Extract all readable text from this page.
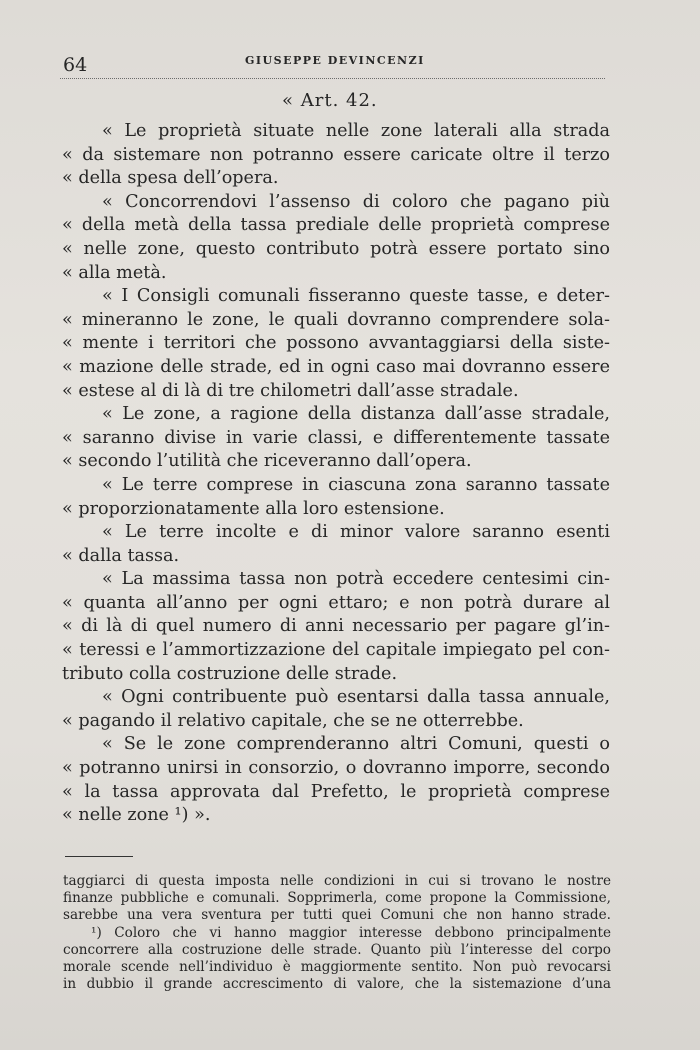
64	GIUSEPPE DEVINCENZI
« Art. 42.
« Le proprietà situate nelle zone laterali alla strada
« da sistemare non potranno essere caricate oltre il terzo
« della spesa dell’opera.
« Concorrendovi l’assenso di coloro che pagano più
« della metà della tassa prediale delle proprietà comprese
« nelle zone, questo contributo potrà essere portato sino
« alla metà.
« I Consigli comunali fisseranno queste tasse, e deter-
« mineranno le zone, le quali dovranno comprendere sola-
« mente i territori che possono avvantaggiarsi della siste-
« mazione delle strade, ed in ogni caso mai dovranno essere
« estese al di là di tre chilometri dall’asse stradale.
« Le zone, a ragione della distanza dall’asse stradale,
« saranno divise in varie classi, e differentemente tassate
« secondo l’utilità che riceveranno dall’opera.
« Le terre comprese in ciascuna zona saranno tassate
« proporzionatamente alla loro estensione.
« Le terre incolte e di minor valore saranno esenti
« dalla tassa.
« La massima tassa non potrà eccedere centesimi cin-
« quanta all’anno per ogni ettaro; e non potrà durare al
« di là di quel numero di anni necessario per pagare gl’in-
« teressi e l’ammortizzazione del capitale impiegato pel con-
tributo colla costruzione delle strade.
« Ogni contribuente può esentarsi dalla tassa annuale,
« pagando il relativo capitale, che se ne otterrebbe.
« Se le zone comprenderanno altri Comuni, questi o
« potranno unirsi in consorzio, o dovranno imporre, secondo
« la tassa approvata dal Prefetto, le proprietà comprese
« nelle zone ¹) ».
taggiarci di questa imposta nelle condizioni in cui si trovano le nostre
finanze pubbliche e comunali. Sopprimerla, come propone la Commissione,
sarebbe una vera sventura per tutti quei Comuni che non hanno strade.
¹) Coloro che vi hanno maggior interesse debbono principalmente
concorrere alla costruzione delle strade. Quanto più l’interesse del corpo
morale scende nell’individuo è maggiormente sentito. Non può revocarsi
in dubbio il grande accrescimento di valore, che la sistemazione d’una
